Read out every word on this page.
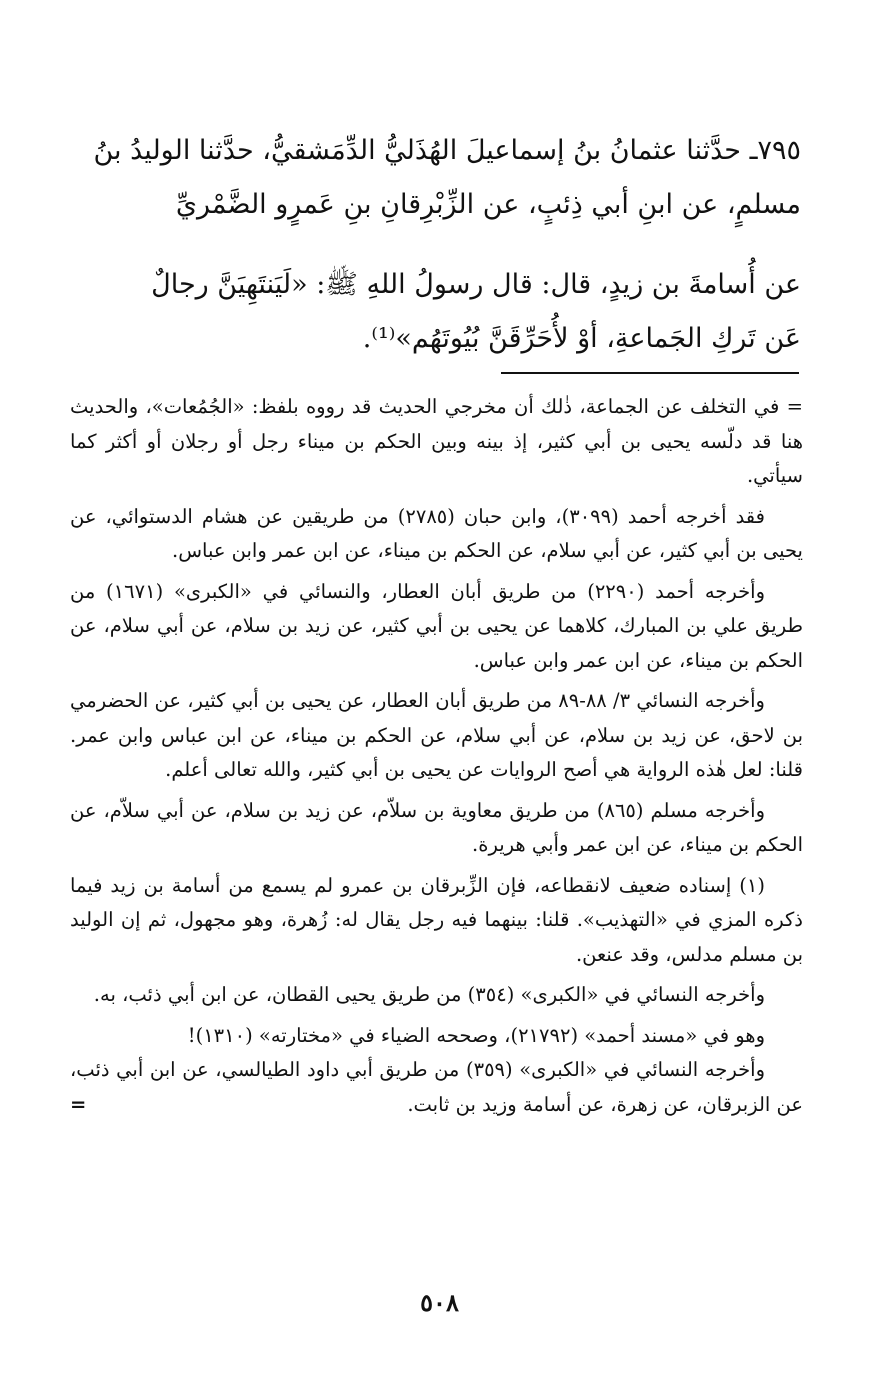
٧٩٥ـ حدَّثنا عثمانُ بنُ إسماعيلَ الهُذَليُّ الدِّمَشقيُّ، حدَّثنا الوليدُ بنُ

مسلمٍ، عن ابنِ أبي ذِئبٍ، عن الزِّبْرِقانِ بنِ عَمرٍو الضَّمْريِّ

عن أُسامةَ بن زيدٍ، قال: قال رسولُ اللهِ ﷺ: «لَيَنتَهِيَنَّ رجالٌ

عَن تَركِ الجَماعةِ، أوْ لأُحَرِّقَنَّ بُيُوتَهُم»⁽¹⁾.

= في التخلف عن الجماعة، ذٰلك أن مخرجي الحديث قد رووه بلفظ: «الجُمُعات»، والحديث هنا قد دلّسه يحيى بن أبي كثير، إذ بينه وبين الحكم بن ميناء رجل أو رجلان أو أكثر كما سيأتي.

فقد أخرجه أحمد (٣٠٩٩)، وابن حبان (٢٧٨٥) من طريقين عن هشام الدستوائي، عن يحيى بن أبي كثير، عن أبي سلام، عن الحكم بن ميناء، عن ابن عمر وابن عباس.

وأخرجه أحمد (٢٢٩٠) من طريق أبان العطار، والنسائي في «الكبرى» (١٦٧١) من طريق علي بن المبارك، كلاهما عن يحيى بن أبي كثير، عن زيد بن سلام، عن أبي سلام، عن الحكم بن ميناء، عن ابن عمر وابن عباس.

وأخرجه النسائي ٣/ ٨٨-٨٩ من طريق أبان العطار، عن يحيى بن أبي كثير، عن الحضرمي بن لاحق، عن زيد بن سلام، عن أبي سلام، عن الحكم بن ميناء، عن ابن عباس وابن عمر. قلنا: لعل هٰذه الرواية هي أصح الروايات عن يحيى بن أبي كثير، والله تعالى أعلم.

وأخرجه مسلم (٨٦٥) من طريق معاوية بن سلاّم، عن زيد بن سلام، عن أبي سلاّم، عن الحكم بن ميناء، عن ابن عمر وأبي هريرة.

(١) إسناده ضعيف لانقطاعه، فإن الزِّبرقان بن عمرو لم يسمع من أسامة بن زيد فيما ذكره المزي في «التهذيب». قلنا: بينهما فيه رجل يقال له: زُهرة، وهو مجهول، ثم إن الوليد بن مسلم مدلس، وقد عنعن.

وأخرجه النسائي في «الكبرى» (٣٥٤) من طريق يحيى القطان، عن ابن أبي ذئب، به.

وهو في «مسند أحمد» (٢١٧٩٢)، وصححه الضياء في «مختارته» (١٣١٠)!

وأخرجه النسائي في «الكبرى» (٣٥٩) من طريق أبي داود الطيالسي، عن ابن أبي ذئب، عن الزبرقان، عن زهرة، عن أسامة وزيد بن ثابت.
=

٥٠٨
